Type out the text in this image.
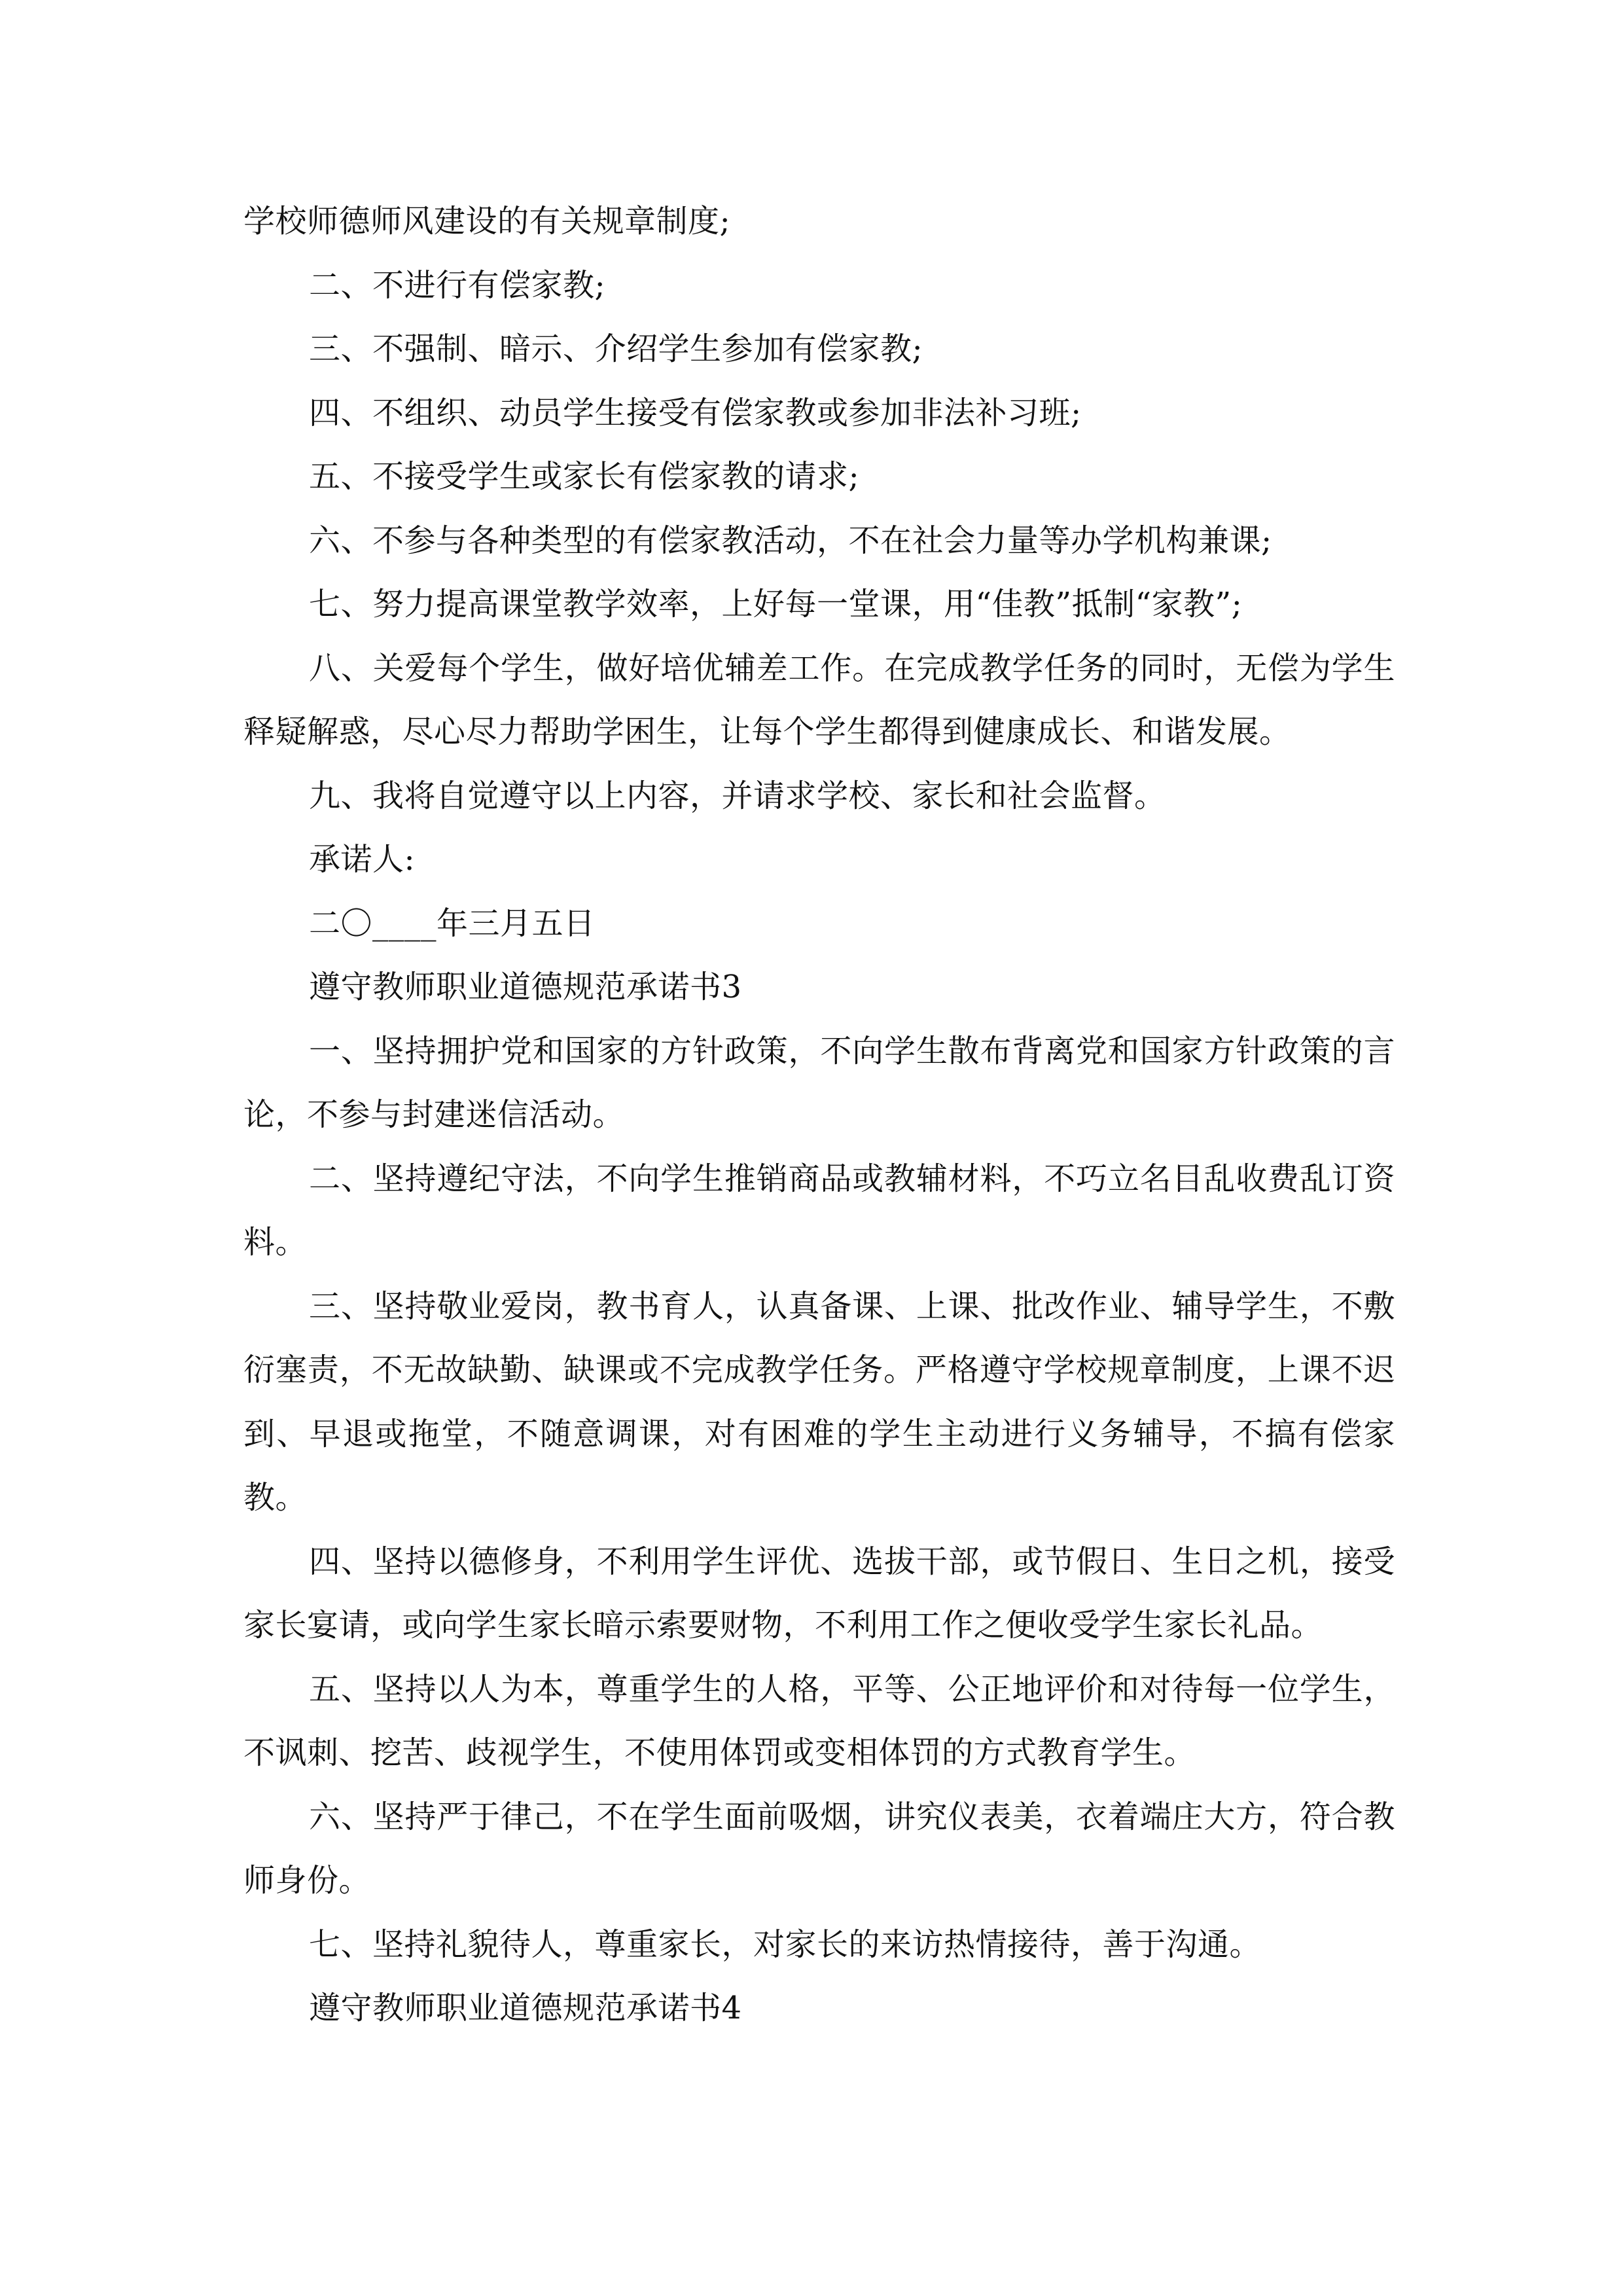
学校师德师风建设的有关规章制度;

二、不进行有偿家教;

三、不强制、暗示、介绍学生参加有偿家教;

四、不组织、动员学生接受有偿家教或参加非法补习班;

五、不接受学生或家长有偿家教的请求;

六、不参与各种类型的有偿家教活动，不在社会力量等办学机构兼课;

七、努力提高课堂教学效率，上好每一堂课，用“佳教”抵制“家教”;

八、关爱每个学生，做好培优辅差工作。在完成教学任务的同时，无偿为学生释疑解惑，尽心尽力帮助学困生，让每个学生都得到健康成长、和谐发展。

九、我将自觉遵守以上内容，并请求学校、家长和社会监督。

承诺人:

二〇____年三月五日

遵守教师职业道德规范承诺书3

一、坚持拥护党和国家的方针政策，不向学生散布背离党和国家方针政策的言论，不参与封建迷信活动。

二、坚持遵纪守法，不向学生推销商品或教辅材料，不巧立名目乱收费乱订资料。

三、坚持敬业爱岗，教书育人，认真备课、上课、批改作业、辅导学生，不敷衍塞责，不无故缺勤、缺课或不完成教学任务。严格遵守学校规章制度，上课不迟到、早退或拖堂，不随意调课，对有困难的学生主动进行义务辅导，不搞有偿家教。

四、坚持以德修身，不利用学生评优、选拔干部，或节假日、生日之机，接受家长宴请，或向学生家长暗示索要财物，不利用工作之便收受学生家长礼品。

五、坚持以人为本，尊重学生的人格，平等、公正地评价和对待每一位学生，不讽刺、挖苦、歧视学生，不使用体罚或变相体罚的方式教育学生。

六、坚持严于律己，不在学生面前吸烟，讲究仪表美，衣着端庄大方，符合教师身份。

七、坚持礼貌待人，尊重家长，对家长的来访热情接待，善于沟通。

遵守教师职业道德规范承诺书4
